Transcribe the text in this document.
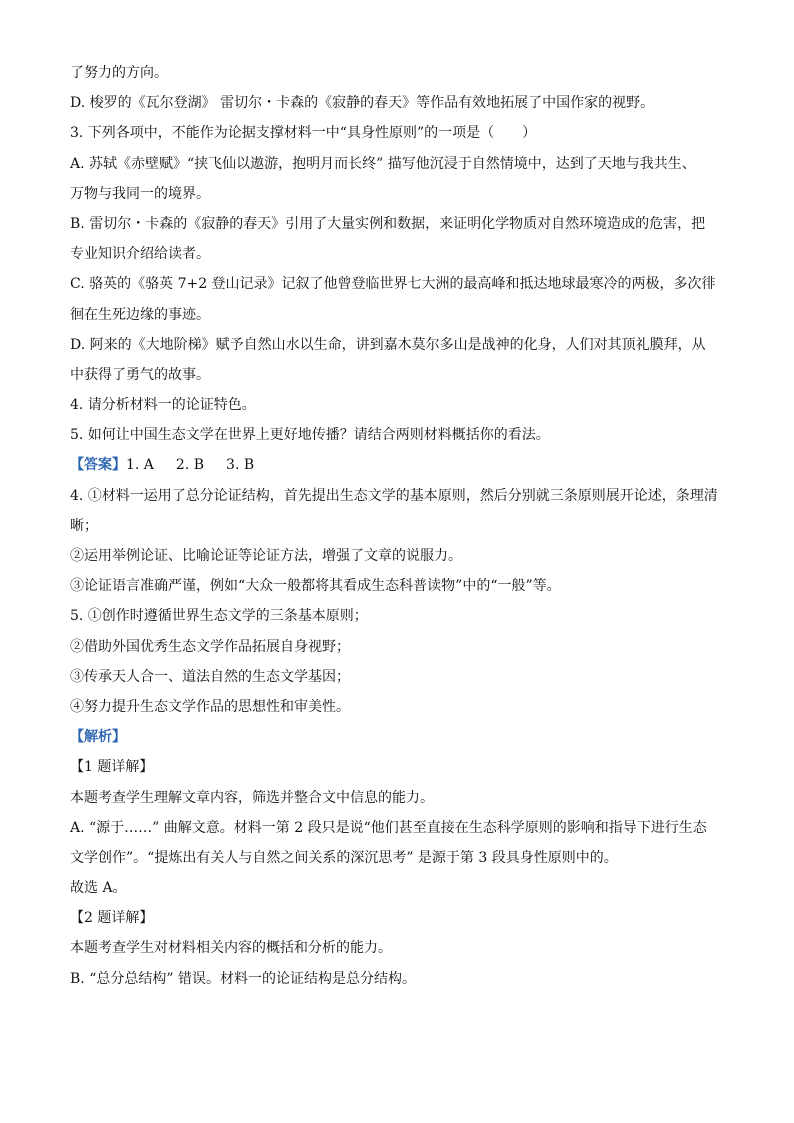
了努力的方向。
D. 梭罗的《瓦尔登湖》 雷切尔・卡森的《寂静的春天》等作品有效地拓展了中国作家的视野。
3. 下列各项中，不能作为论据支撑材料一中“具身性原则”的一项是（　　）
A. 苏轼《赤壁赋》“挟飞仙以遨游，抱明月而长终” 描写他沉浸于自然情境中，达到了天地与我共生、
万物与我同一的境界。
B. 雷切尔・卡森的《寂静的春天》引用了大量实例和数据，来证明化学物质对自然环境造成的危害，把
专业知识介绍给读者。
C. 骆英的《骆英 7+2 登山记录》记叙了他曾登临世界七大洲的最高峰和抵达地球最寒冷的两极，多次徘
徊在生死边缘的事迹。
D. 阿来的《大地阶梯》赋予自然山水以生命，讲到嘉木莫尔多山是战神的化身，人们对其顶礼膜拜，从
中获得了勇气的故事。
4. 请分析材料一的论证特色。
5. 如何让中国生态文学在世界上更好地传播？请结合两则材料概括你的看法。
【答案】1. A 2. B 3. B
4. ①材料一运用了总分论证结构，首先提出生态文学的基本原则，然后分别就三条原则展开论述，条理清
晰；
②运用举例论证、比喻论证等论证方法，增强了文章的说服力。
③论证语言准确严谨，例如“大众一般都将其看成生态科普读物”中的“一般”等。
5. ①创作时遵循世界生态文学的三条基本原则；
②借助外国优秀生态文学作品拓展自身视野；
③传承天人合一、道法自然的生态文学基因；
④努力提升生态文学作品的思想性和审美性。
【解析】
【1 题详解】
本题考查学生理解文章内容，筛选并整合文中信息的能力。
A. “源于……” 曲解文意。材料一第 2 段只是说“他们甚至直接在生态科学原则的影响和指导下进行生态
文学创作”。“提炼出有关人与自然之间关系的深沉思考” 是源于第 3 段具身性原则中的。
故选 A。
【2 题详解】
本题考查学生对材料相关内容的概括和分析的能力。
B. “总分总结构” 错误。材料一的论证结构是总分结构。
